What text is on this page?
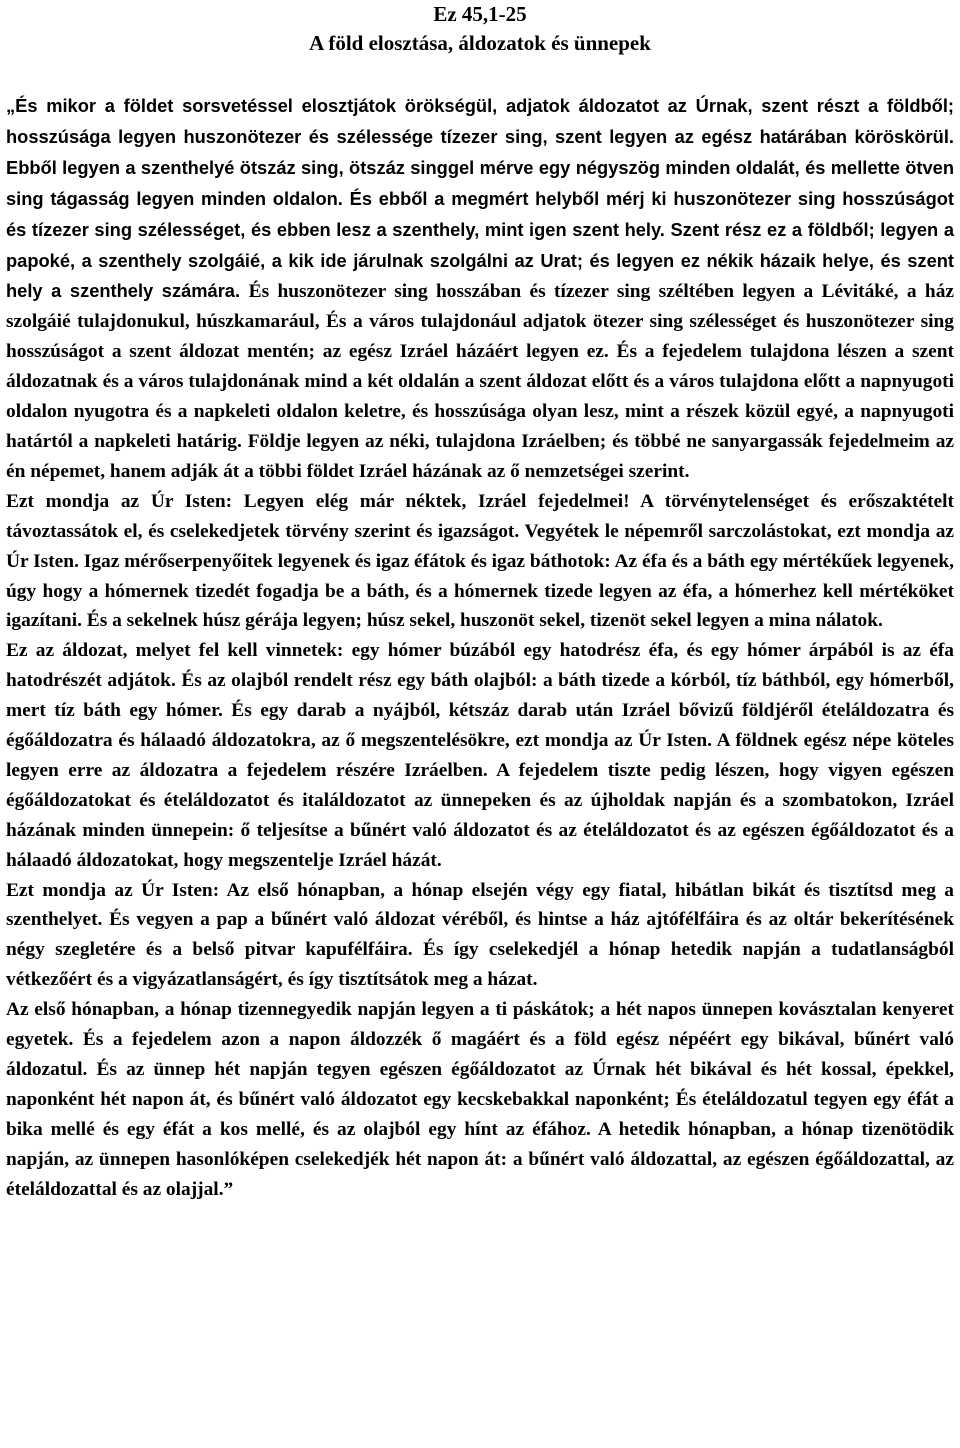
Ez 45,1-25

A föld elosztása, áldozatok és ünnepek

„És mikor a földet sorsvetéssel elosztjátok örökségül, adjatok áldozatot az Úrnak, szent részt a földből; hosszúsága legyen huszonötezer és szélessége tízezer sing, szent legyen az egész határában köröskörül. Ebből legyen a szenthelyé ötszáz sing, ötszáz singgel mérve egy négyszög minden oldalát, és mellette ötven sing tágasság legyen minden oldalon. És ebből a megmért helyből mérj ki huszonötezer sing hosszúságot és tízezer sing szélességet, és ebben lesz a szenthely, mint igen szent hely. Szent rész ez a földből; legyen a papoké, a szenthely szolgáié, a kik ide járulnak szolgálni az Urat; és legyen ez nékik házaik helye, és szent hely a szenthely számára. És huszonötezer sing hosszában és tízezer sing széltében legyen a Lévitáké, a ház szolgáié tulajdonukul, húszkamarául, És a város tulajdonául adjatok ötezer sing szélességet és huszonötezer sing hosszúságot a szent áldozat mentén; az egész Izráel házáért legyen ez. És a fejedelem tulajdona lészen a szent áldozatnak és a város tulajdonának mind a két oldalán a szent áldozat előtt és a város tulajdona előtt a napnyugoti oldalon nyugotra és a napkeleti oldalon keletre, és hosszúsága olyan lesz, mint a részek közül egyé, a napnyugoti határtól a napkeleti határig. Földje legyen az néki, tulajdona Izráelben; és többé ne sanyargassák fejedelmeim az én népemet, hanem adják át a többi földet Izráel házának az ő nemzetségei szerint.

Ezt mondja az Úr Isten: Legyen elég már néktek, Izráel fejedelmei! A törvénytelenséget és erőszaktételt távoztassátok el, és cselekedjetek törvény szerint és igazságot. Vegyétek le népemről sarczolástokat, ezt mondja az Úr Isten. Igaz mérőserpenyőitek legyenek és igaz éfátok és igaz báthotok: Az éfa és a báth egy mértékűek legyenek, úgy hogy a hómernek tizedét fogadja be a báth, és a hómernek tizede legyen az éfa, a hómerhez kell mértéköket igazítani. És a sekelnek húsz gérája legyen; húsz sekel, huszonöt sekel, tizenöt sekel legyen a mina nálatok.

Ez az áldozat, melyet fel kell vinnetek: egy hómer búzából egy hatodrész éfa, és egy hómer árpából is az éfa hatodrészét adjátok. És az olajból rendelt rész egy báth olajból: a báth tizede a kórból, tíz báthból, egy hómerből, mert tíz báth egy hómer. És egy darab a nyájból, kétszáz darab után Izráel bővizű földjéről ételáldozatra és égőáldozatra és hálaadó áldozatokra, az ő megszentelésökre, ezt mondja az Úr Isten. A földnek egész népe köteles legyen erre az áldozatra a fejedelem részére Izráelben. A fejedelem tiszte pedig lészen, hogy vigyen egészen égőáldozatokat és ételáldozatot és italáldozatot az ünnepeken és az újholdak napján és a szombatokon, Izráel házának minden ünnepein: ő teljesítse a bűnért való áldozatot és az ételáldozatot és az egészen égőáldozatot és a hálaadó áldozatokat, hogy megszentelje Izráel házát.

Ezt mondja az Úr Isten: Az első hónapban, a hónap elsején végy egy fiatal, hibátlan bikát és tisztítsd meg a szenthelyet. És vegyen a pap a bűnért való áldozat véréből, és hintse a ház ajtófélfáira és az oltár bekerítésének négy szegletére és a belső pitvar kapufélfáira. És így cselekedjél a hónap hetedik napján a tudatlanságból vétkezőért és a vigyázatlanságért, és így tisztítsátok meg a házat.

Az első hónapban, a hónap tizennegyedik napján legyen a ti páskátok; a hét napos ünnepen kovásztalan kenyeret egyetek. És a fejedelem azon a napon áldozzék ő magáért és a föld egész népéért egy bikával, bűnért való áldozatul. És az ünnep hét napján tegyen egészen égőáldozatot az Úrnak hét bikával és hét kossal, épekkel, naponként hét napon át, és bűnért való áldozatot egy kecskebakkal naponként; És ételáldozatul tegyen egy éfát a bika mellé és egy éfát a kos mellé, és az olajból egy hínt az éfához. A hetedik hónapban, a hónap tizenötödik napján, az ünnepen hasonlóképen cselekedjék hét napon át: a bűnért való áldozattal, az egészen égőáldozattal, az ételáldozattal és az olajjal.”
